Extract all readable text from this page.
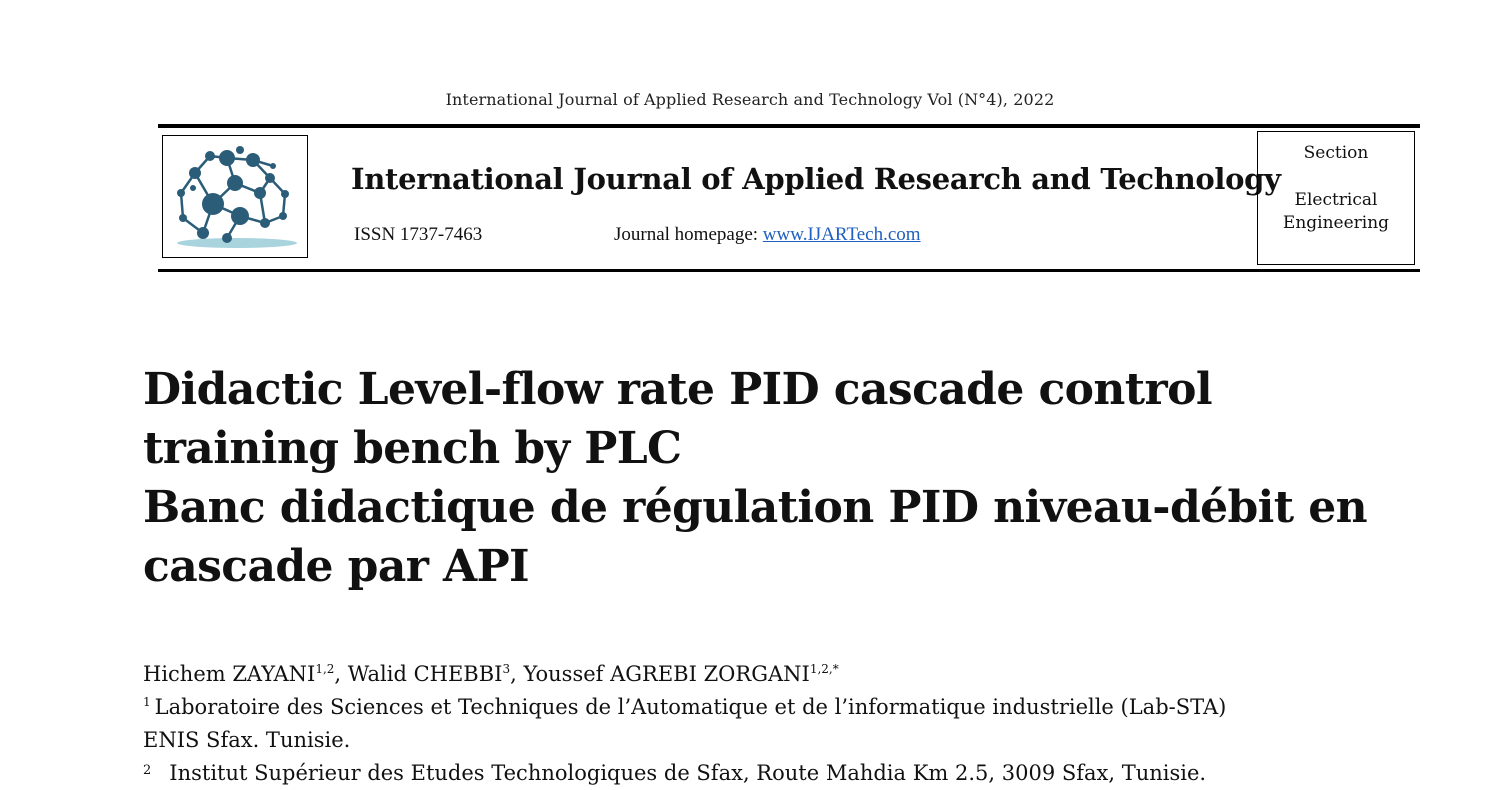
International Journal of Applied Research and Technology Vol (N°4), 2022
International Journal of Applied Research and Technology
ISSN 1737-7463	Journal homepage: www.IJARTech.com
Section
Electrical Engineering
Didactic Level-flow rate PID cascade control training bench by PLC
Banc didactique de régulation PID niveau-débit en cascade par API
Hichem ZAYANI$^{1,2}$, Walid CHEBBI$^3$, Youssef AGREBI $ZORGANI^{1,2,*}$
$^1$ Laboratoire des Sciences et Techniques de l’Automatique et de l’informatique industrielle (Lab-STA)
ENIS Sfax. Tunisie.
$^2$ Institut Supérieur des Etudes Technologiques de Sfax, Route Mahdia Km 2.5, 3009 Sfax, Tunisie.
